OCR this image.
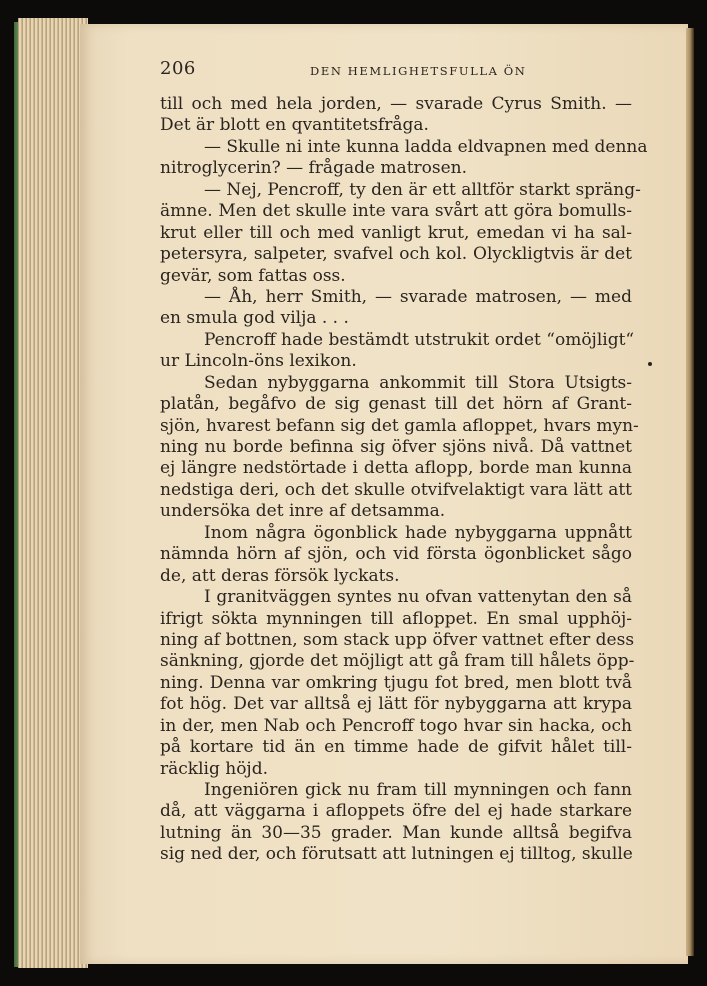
206	DEN HEMLIGHETSFULLA ÖN
till och med hela jorden, — svarade Cyrus Smith. —
Det är blott en qvantitetsfråga.
— Skulle ni inte kunna ladda eldvapnen med denna
nitroglycerin? — frågade matrosen.
— Nej, Pencroff, ty den är ett alltför starkt spräng-
ämne. Men det skulle inte vara svårt att göra bomulls-
krut eller till och med vanligt krut, emedan vi ha sal-
petersyra, salpeter, svafvel och kol. Olyckligtvis är det
gevär, som fattas oss.
— Åh, herr Smith, — svarade matrosen, — med
en smula god vilja . . .
Pencroff hade bestämdt utstrukit ordet “omöjligt“
ur Lincoln-öns lexikon.
Sedan nybyggarna ankommit till Stora Utsigts-
platån, begåfvo de sig genast till det hörn af Grant-
sjön, hvarest befann sig det gamla afloppet, hvars myn-
ning nu borde befinna sig öfver sjöns nivå. Då vattnet
ej längre nedstörtade i detta aflopp, borde man kunna
nedstiga deri, och det skulle otvifvelaktigt vara lätt att
undersöka det inre af detsamma.
Inom några ögonblick hade nybyggarna uppnått
nämnda hörn af sjön, och vid första ögonblicket sågo
de, att deras försök lyckats.
I granitväggen syntes nu ofvan vattenytan den så
ifrigt sökta mynningen till afloppet. En smal upphöj-
ning af bottnen, som stack upp öfver vattnet efter dess
sänkning, gjorde det möjligt att gå fram till hålets öpp-
ning. Denna var omkring tjugu fot bred, men blott två
fot hög. Det var alltså ej lätt för nybyggarna att krypa
in der, men Nab och Pencroff togo hvar sin hacka, och
på kortare tid än en timme hade de gifvit hålet till-
räcklig höjd.
Ingeniören gick nu fram till mynningen och fann
då, att väggarna i afloppets öfre del ej hade starkare
lutning än 30—35 grader. Man kunde alltså begifva
sig ned der, och förutsatt att lutningen ej tilltog, skulle
